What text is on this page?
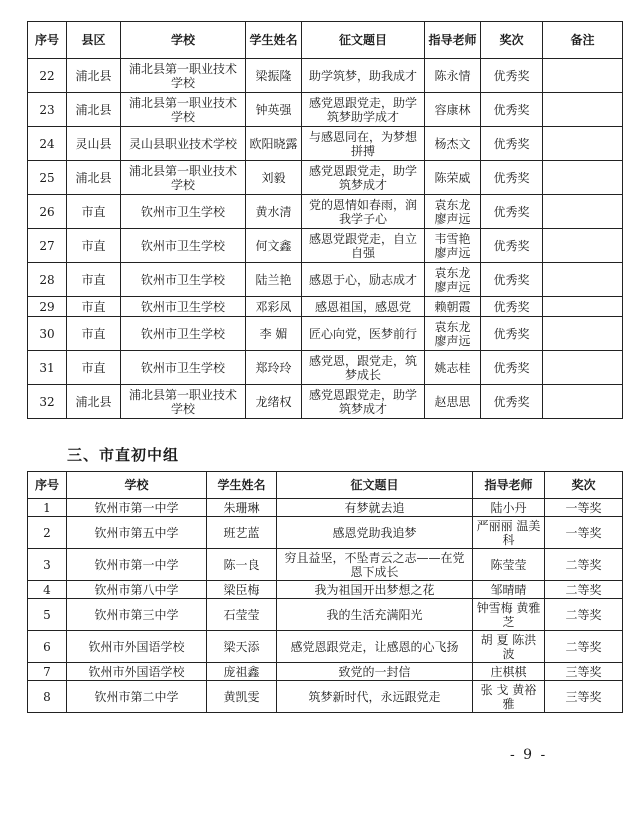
序号	县区	学校	学生姓名	征文题目	指导老师	奖次	备注
22	浦北县	浦北县第一职业技术学校	梁振隆	助学筑梦，助我成才	陈永情	优秀奖	
23	浦北县	浦北县第一职业技术学校	钟英强	感党恩跟党走，助学筑梦助学成才	容康林	优秀奖	
24	灵山县	灵山县职业技术学校	欧阳晓露	与感恩同在，为梦想拼搏	杨杰文	优秀奖	
25	浦北县	浦北县第一职业技术学校	刘毅	感党恩跟党走，助学筑梦成才	陈荣威	优秀奖	
26	市直	钦州市卫生学校	黄水清	党的恩情如春雨，润我学子心	袁东龙 廖声远	优秀奖	
27	市直	钦州市卫生学校	何文鑫	感恩党跟党走，自立自强	韦雪艳 廖声远	优秀奖	
28	市直	钦州市卫生学校	陆兰艳	感恩于心，励志成才	袁东龙 廖声远	优秀奖	
29	市直	钦州市卫生学校	邓彩凤	感恩祖国，感恩党	赖朝霞	优秀奖	
30	市直	钦州市卫生学校	李 媚	匠心向党，医梦前行	袁东龙 廖声远	优秀奖	
31	市直	钦州市卫生学校	郑玲玲	感党恩，跟党走，筑梦成长	姚志桂	优秀奖	
32	浦北县	浦北县第一职业技术学校	龙绪权	感党恩跟党走，助学筑梦成才	赵思思	优秀奖	
三、市直初中组
序号	学校	学生姓名	征文题目	指导老师	奖次
1	钦州市第一中学	朱珊琳	有梦就去追	陆小丹	一等奖
2	钦州市第五中学	班艺蓝	感恩党助我追梦	严丽丽 温美科	一等奖
3	钦州市第一中学	陈一良	穷且益坚，不坠青云之志——在党恩下成长	陈莹莹	二等奖
4	钦州市第八中学	梁臣梅	我为祖国开出梦想之花	邹晴晴	二等奖
5	钦州市第三中学	石莹莹	我的生活充满阳光	钟雪梅 黄雅芝	二等奖
6	钦州市外国语学校	梁天添	感党恩跟党走，让感恩的心飞扬	胡 夏 陈洪波	二等奖
7	钦州市外国语学校	庞祖鑫	致党的一封信	庄棋棋	三等奖
8	钦州市第二中学	黄凯雯	筑梦新时代，永远跟党走	张 戈 黄裕雅	三等奖
- 9 -
